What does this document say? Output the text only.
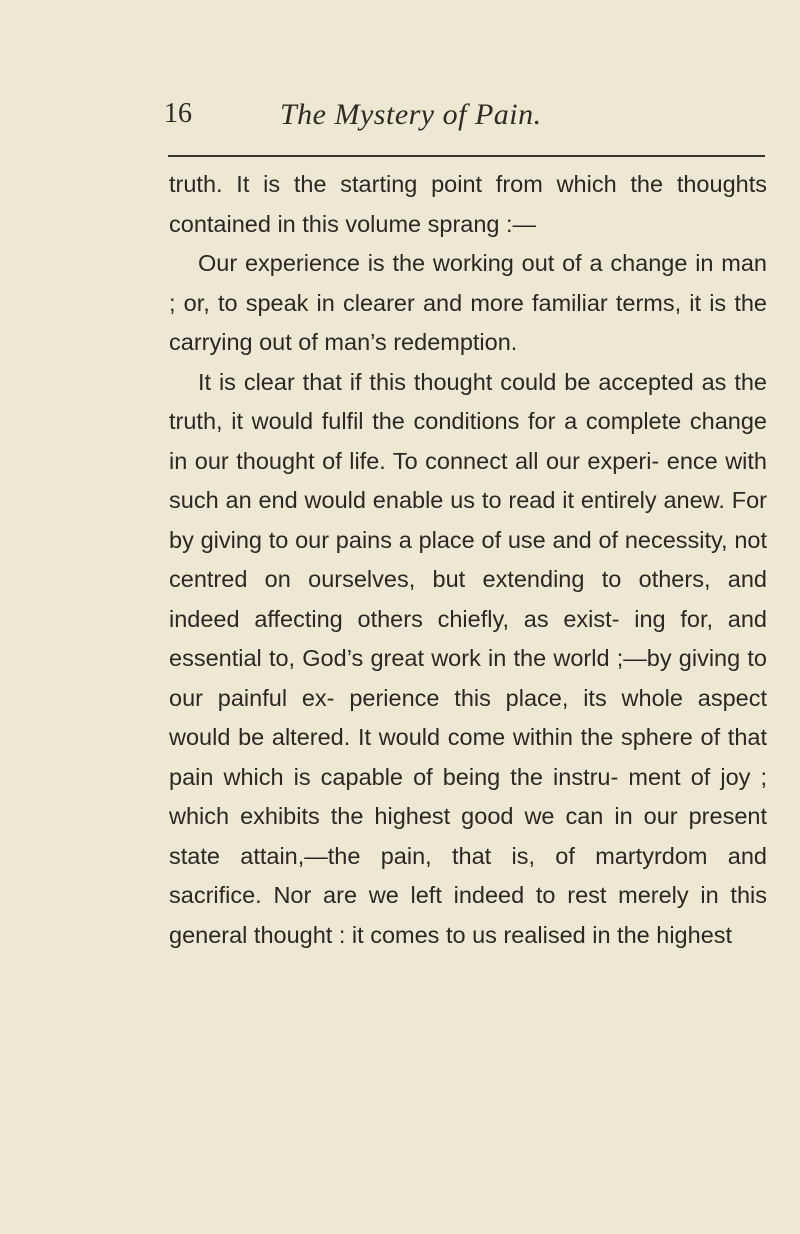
16	The Mystery of Pain.

truth. It is the starting point from which the thoughts contained in this volume sprang :—

Our experience is the working out of a change in man ; or, to speak in clearer and more familiar terms, it is the carrying out of man’s redemption.

It is clear that if this thought could be accepted as the truth, it would fulfil the conditions for a complete change in our thought of life. To connect all our experi- ence with such an end would enable us to read it entirely anew. For by giving to our pains a place of use and of necessity, not centred on ourselves, but extending to others, and indeed affecting others chiefly, as exist- ing for, and essential to, God’s great work in the world ;—by giving to our painful ex- perience this place, its whole aspect would be altered. It would come within the sphere of that pain which is capable of being the instru- ment of joy ; which exhibits the highest good we can in our present state attain,—the pain, that is, of martyrdom and sacrifice. Nor are we left indeed to rest merely in this general thought : it comes to us realised in the highest
